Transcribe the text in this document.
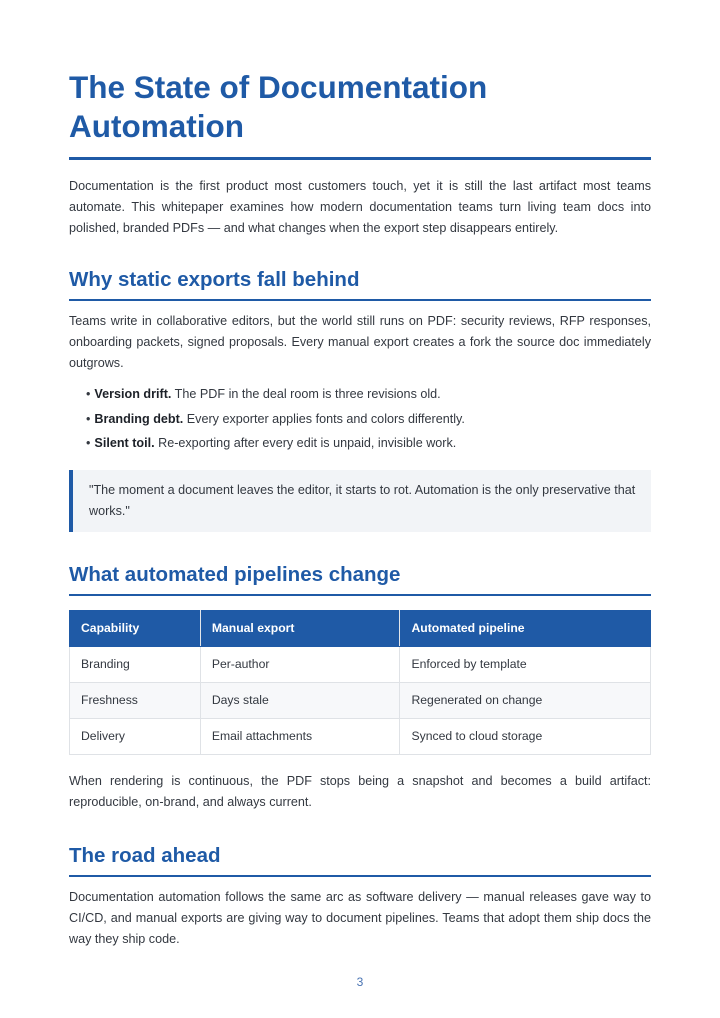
The State of Documentation
Automation

Documentation is the first product most customers touch, yet it is still the last artifact most teams automate. This whitepaper examines how modern documentation teams turn living team docs into polished, branded PDFs — and what changes when the export step disappears entirely.

Why static exports fall behind

Teams write in collaborative editors, but the world still runs on PDF: security reviews, RFP responses, onboarding packets, signed proposals. Every manual export creates a fork the source doc immediately outgrows.

• Version drift. The PDF in the deal room is three revisions old.
• Branding debt. Every exporter applies fonts and colors differently.
• Silent toil. Re-exporting after every edit is unpaid, invisible work.
"The moment a document leaves the editor, it starts to rot. Automation is the only preservative that works."
What automated pipelines change
Capability	Manual export	Automated pipeline
Branding	Per-author	Enforced by template
Freshness	Days stale	Regenerated on change
Delivery	Email attachments	Synced to cloud storage

When rendering is continuous, the PDF stops being a snapshot and becomes a build artifact: reproducible, on-brand, and always current.

The road ahead

Documentation automation follows the same arc as software delivery — manual releases gave way to CI/CD, and manual exports are giving way to document pipelines. Teams that adopt them ship docs the way they ship code.

3
